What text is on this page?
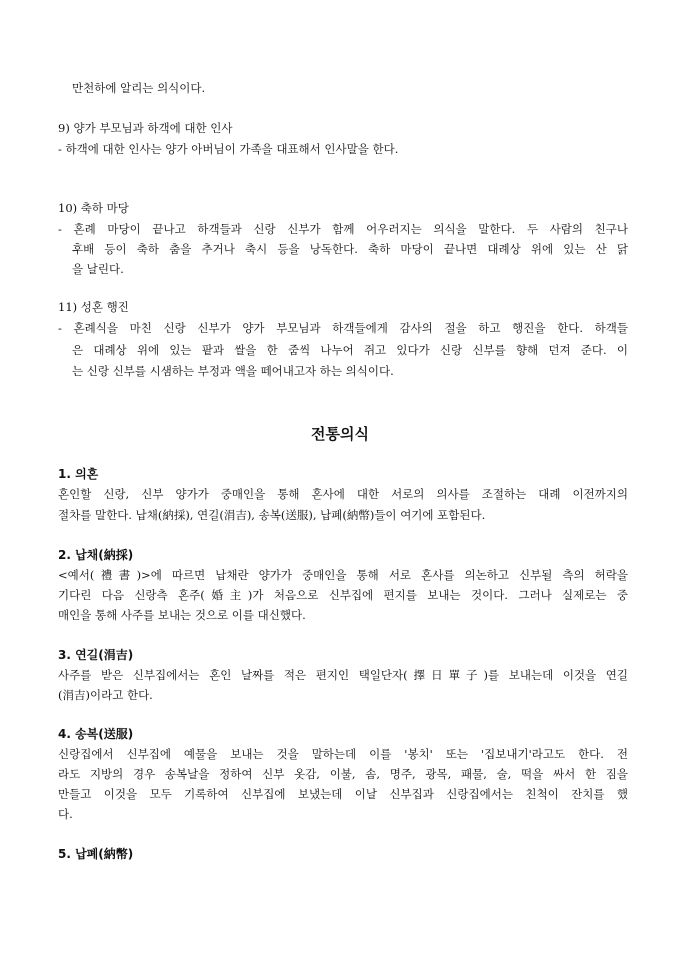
만천하에 알리는 의식이다.
9) 양가 부모님과 하객에 대한 인사
- 하객에 대한 인사는 양가 아버님이 가족을 대표해서 인사말을 한다.
10) 축하 마당
- 혼례 마당이 끝나고 하객들과 신랑 신부가 함께 어우러지는 의식을 말한다. 두 사람의 친구나
후배 등이 축하 춤을 추거나 축시 등을 낭독한다. 축하 마당이 끝나면 대례상 위에 있는 산 닭
을 날린다.
11) 성혼 행진
- 혼례식을 마친 신랑 신부가 양가 부모님과 하객들에게 감사의 절을 하고 행진을 한다. 하객들
은 대례상 위에 있는 팥과 쌀을 한 줌씩 나누어 쥐고 있다가 신랑 신부를 향해 던져 준다. 이
는 신랑 신부를 시샘하는 부정과 액을 떼어내고자 하는 의식이다.
전통의식
1. 의혼
혼인할 신랑, 신부 양가가 중매인을 통해 혼사에 대한 서로의 의사를 조절하는 대례 이전까지의
절차를 말한다. 납채(納採), 연길(涓吉), 송복(送服), 납폐(納幣)들이 여기에 포함된다.
2. 납채(納採)
<예서(禮書)>에 따르면 납채란 양가가 중매인을 통해 서로 혼사를 의논하고 신부될 측의 허락을
기다린 다음 신랑측 혼주(婚主)가 처음으로 신부집에 편지를 보내는 것이다. 그러나 실제로는 중
매인을 통해 사주를 보내는 것으로 이를 대신했다.
3. 연길(涓吉)
사주를 받은 신부집에서는 혼인 날짜를 적은 편지인 택일단자(擇日單子)를 보내는데 이것을 연길
(涓吉)이라고 한다.
4. 송복(送服)
신랑집에서 신부집에 예물을 보내는 것을 말하는데 이를 '봉치' 또는 '집보내기'라고도 한다. 전
라도 지방의 경우 송복날을 정하여 신부 옷감, 이불, 솜, 명주, 광목, 패물, 술, 떡을 싸서 한 짐을
만들고 이것을 모두 기록하여 신부집에 보냈는데 이날 신부집과 신랑집에서는 친척이 잔치를 했
다.
5. 납폐(納幣)
